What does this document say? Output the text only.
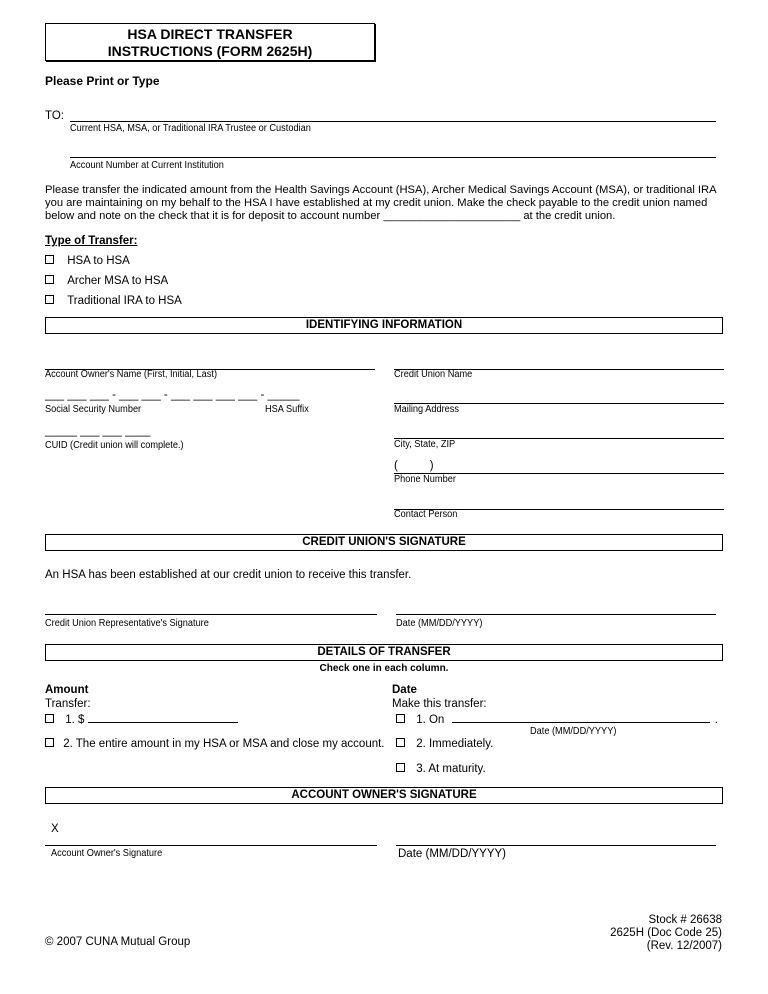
HSA DIRECT TRANSFER
INSTRUCTIONS (FORM 2625H)
Please Print or Type
TO:
Current HSA, MSA, or Traditional IRA Trustee or Custodian
Account Number at Current Institution
Please transfer the indicated amount from the Health Savings Account (HSA), Archer Medical Savings Account (MSA), or traditional IRA you are maintaining on my behalf to the HSA I have established at my credit union. Make the check payable to the credit union named below and note on the check that it is for deposit to account number ______________________ at the credit union.
Type of Transfer:
HSA to HSA
Archer MSA to HSA
Traditional IRA to HSA
IDENTIFYING INFORMATION
Account Owner's Name (First, Initial, Last)
___ ___ ___ - ___ ___ - ___ ___ ___ ___ - _____
Social Security Number	HSA Suffix
_____ ___ ___ ____
CUID (Credit union will complete.)
Credit Union Name
Mailing Address
City, State, ZIP
(          )
Phone Number
Contact Person
CREDIT UNION'S SIGNATURE
An HSA has been established at our credit union to receive this transfer.
Credit Union Representative's Signature	Date (MM/DD/YYYY)
DETAILS OF TRANSFER
Check one in each column.
Amount
Transfer:
1. $
2. The entire amount in my HSA or MSA and close my account.
Date
Make this transfer:
1. On	.
Date (MM/DD/YYYY)
2. Immediately.
3. At maturity.
ACCOUNT OWNER'S SIGNATURE
X
Account Owner's Signature	Date (MM/DD/YYYY)
© 2007 CUNA Mutual Group
Stock # 26638
2625H (Doc Code 25)
(Rev. 12/2007)
